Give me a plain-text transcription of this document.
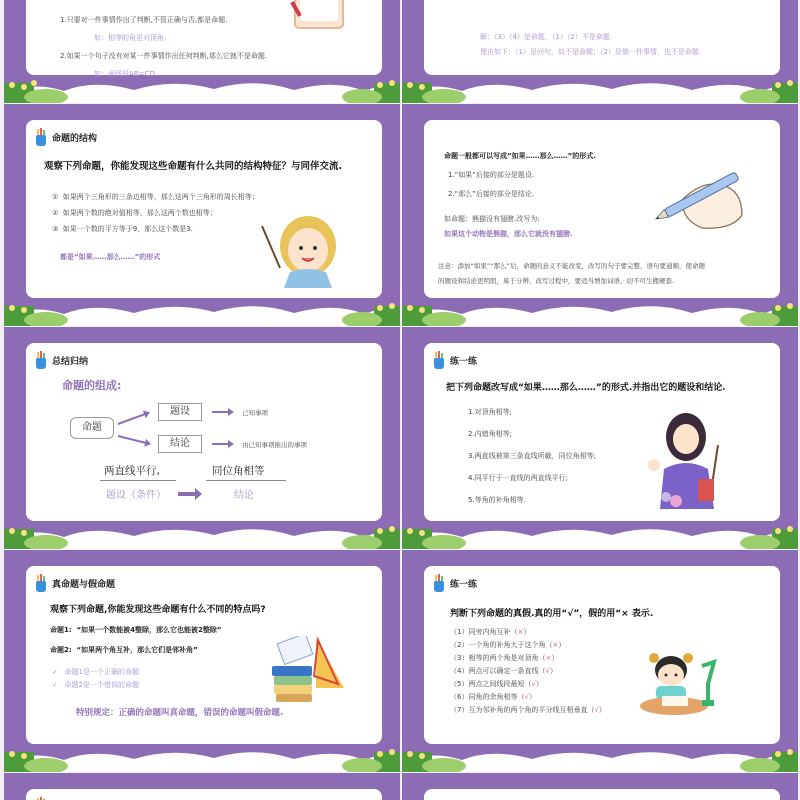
1.只要对一件事情作出了判断,不管正确与否,都是命题.
如：相等的角是对顶角.
2.如果一个句子没有对某一件事情作出任何判断,那么它就不是命题.
如：画线段AB=CD.
解：（3）（4）是命题，（1）（2）不是命题.
理由如下：（1）是问句，故不是命题；（2）是做一件事情，也不是命题.
命题的结构
观察下列命题，你能发现这些命题有什么共同的结构特征？与同伴交流.
① 如果两个三角形的三条边相等，那么这两个三角形的周长相等；
② 如果两个数的绝对值相等，那么这两个数也相等；
③ 如果一个数的平方等于9，那么这个数是3.
都是“如果……那么……”的形式
命题一般都可以写成“如果……那么……”的形式.
1.“如果”后接的部分是题设.
2.“那么”后接的部分是结论.
如命题：熊猫没有翅膀.改写为:
如果这个动物是熊猫，那么它就没有翅膀.
注意：添加“如果”“那么”后，命题的意义不能改变，改写的句子要完整，语句要通顺，使命题
的题设和结论更明朗，易于分辨，改写过程中，要适当增加词语，切不可生搬硬套.
总结归纳
命题的组成:
命题
题设
结论
已知事项
由已知事项推出的事项
两直线平行,	同位角相等
题设（条件）	结论
练一练
把下列命题改写成“如果……那么……”的形式.并指出它的题设和结论.
1.对顶角相等;
2.内错角相等;
3.两直线被第三条直线所截，同位角相等;
4.同平行于一直线的两直线平行;
5.等角的补角相等.
真命题与假命题
观察下列命题,你能发现这些命题有什么不同的特点吗?
命题1: “如果一个数能被4整除，那么它也能被2整除”
命题2: “如果两个角互补，那么它们是邻补角”
✓ 命题1是一个正确的命题
✓ 命题2是一个错误的命题
特别规定：正确的命题叫真命题，错误的命题叫假命题.
练一练
判断下列命题的真假.真的用“√”，假的用“× 表示.
（1）同旁内角互补（×）
（2）一个角的补角大于这个角（×）
（3）相等的两个角是对顶角（×）
（4）两点可以确定一条直线（√）
（5）两点之间线段最短（√）
（6）同角的余角相等（√）
（7）互为邻补角的两个角的平分线互相垂直（√）
